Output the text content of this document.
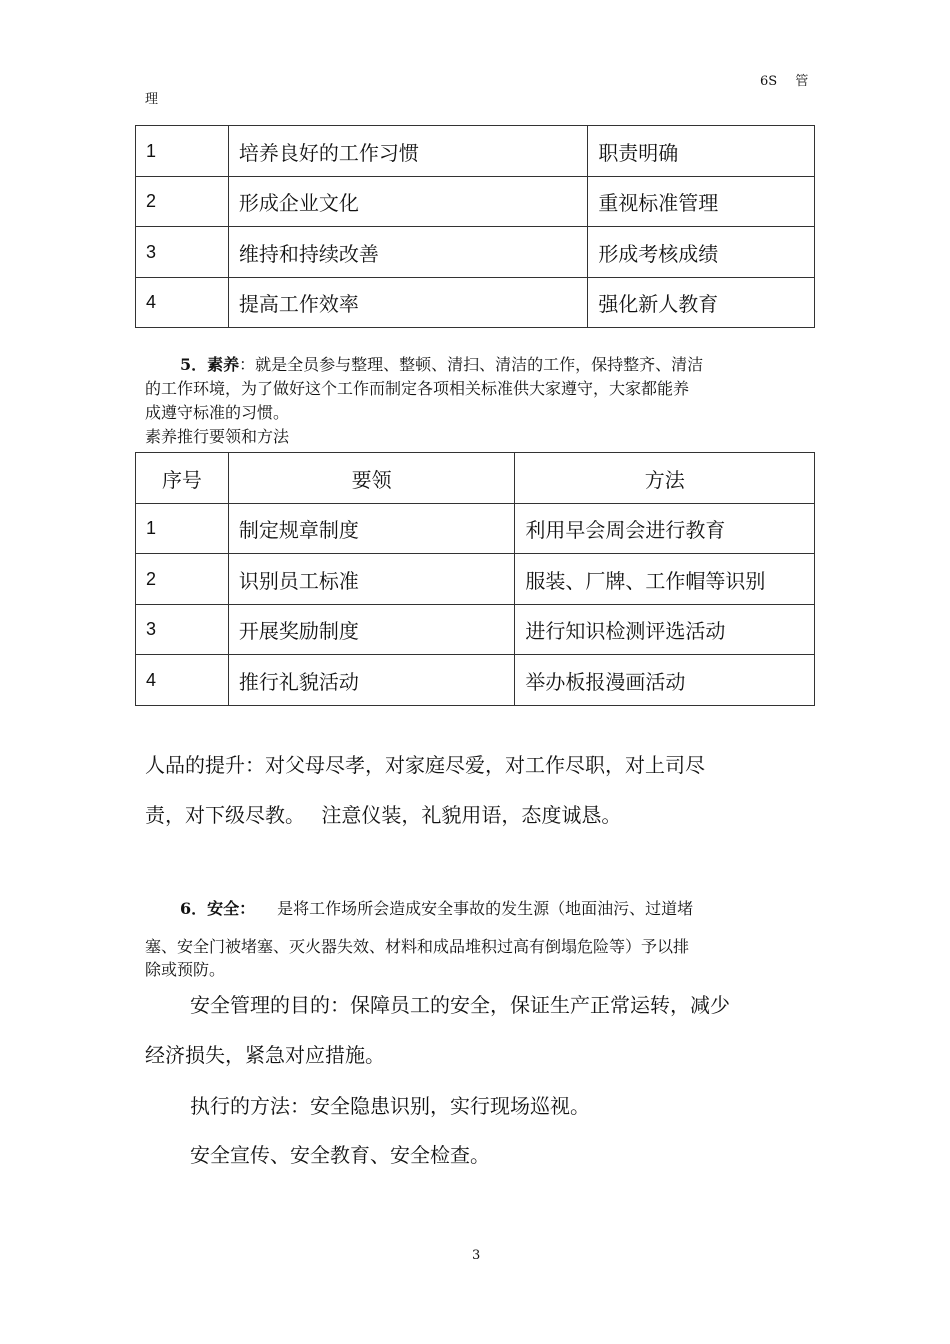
6S 管
理
1	培养良好的工作习惯	职责明确
2	形成企业文化	重视标准管理
3	维持和持续改善	形成考核成绩
4	提高工作效率	强化新人教育
5．素养：就是全员参与整理、整顿、清扫、清洁的工作，保持整齐、清洁
的工作环境，为了做好这个工作而制定各项相关标准供大家遵守，大家都能养
成遵守标准的习惯。
素养推行要领和方法
序号	要领	方法
1	制定规章制度	利用早会周会进行教育
2	识别员工标准	服装、厂牌、工作帽等识别
3	开展奖励制度	进行知识检测评选活动
4	推行礼貌活动	举办板报漫画活动
人品的提升：对父母尽孝，对家庭尽爱，对工作尽职，对上司尽
责，对下级尽教。　 注意仪装，礼貌用语，态度诚恳。
6．安全： 是将工作场所会造成安全事故的发生源（地面油污、过道堵
塞、安全门被堵塞、灭火器失效、材料和成品堆积过高有倒塌危险等）予以排
除或预防。
安全管理的目的：保障员工的安全，保证生产正常运转，减少
经济损失，紧急对应措施。
执行的方法：安全隐患识别，实行现场巡视。
安全宣传、安全教育、安全检查。
3
